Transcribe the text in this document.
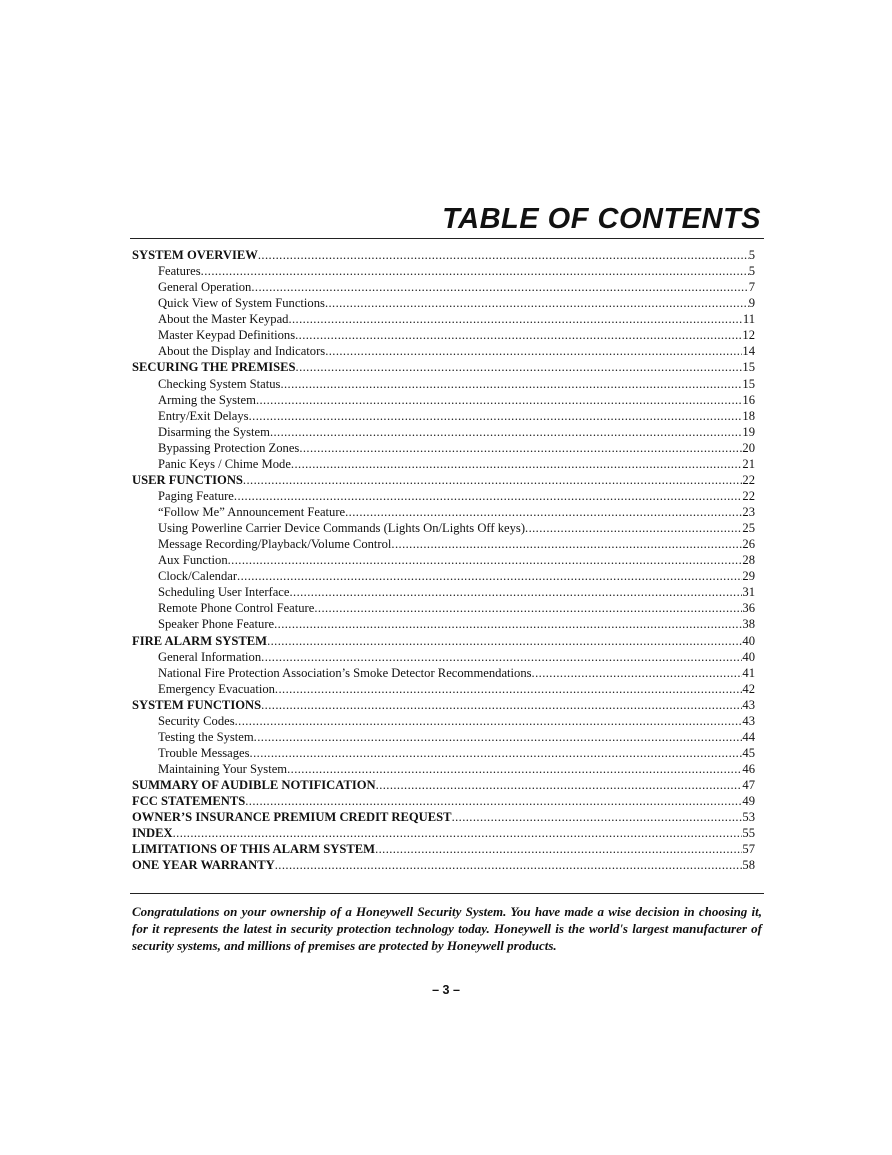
TABLE OF CONTENTS
SYSTEM OVERVIEW .....	5
Features .....	5
General Operation .....	7
Quick View of System Functions .....	9
About the Master Keypad .....	11
Master Keypad Definitions .....	12
About the Display and Indicators .....	14
SECURING THE PREMISES .....	15
Checking System Status .....	15
Arming the System .....	16
Entry/Exit Delays .....	18
Disarming the System .....	19
Bypassing Protection Zones .....	20
Panic Keys / Chime Mode .....	21
USER FUNCTIONS .....	22
Paging Feature .....	22
“Follow Me” Announcement Feature .....	23
Using Powerline Carrier Device Commands (Lights On/Lights Off keys) .....	25
Message Recording/Playback/Volume Control .....	26
Aux Function .....	28
Clock/Calendar .....	29
Scheduling User Interface .....	31
Remote Phone Control Feature .....	36
Speaker Phone Feature .....	38
FIRE ALARM SYSTEM .....	40
General Information .....	40
National Fire Protection Association’s Smoke Detector Recommendations .....	41
Emergency Evacuation .....	42
SYSTEM FUNCTIONS .....	43
Security Codes .....	43
Testing the System .....	44
Trouble Messages .....	45
Maintaining Your System .....	46
SUMMARY OF AUDIBLE NOTIFICATION .....	47
FCC STATEMENTS .....	49
OWNER’S INSURANCE PREMIUM CREDIT REQUEST .....	53
INDEX .....	55
LIMITATIONS OF THIS ALARM SYSTEM .....	57
ONE YEAR WARRANTY .....	58

Congratulations on your ownership of a Honeywell Security System. You have made a wise decision in choosing it, for it represents the latest in security protection technology today. Honeywell is the world's largest manufacturer of security systems, and millions of premises are protected by Honeywell products.

– 3 –
